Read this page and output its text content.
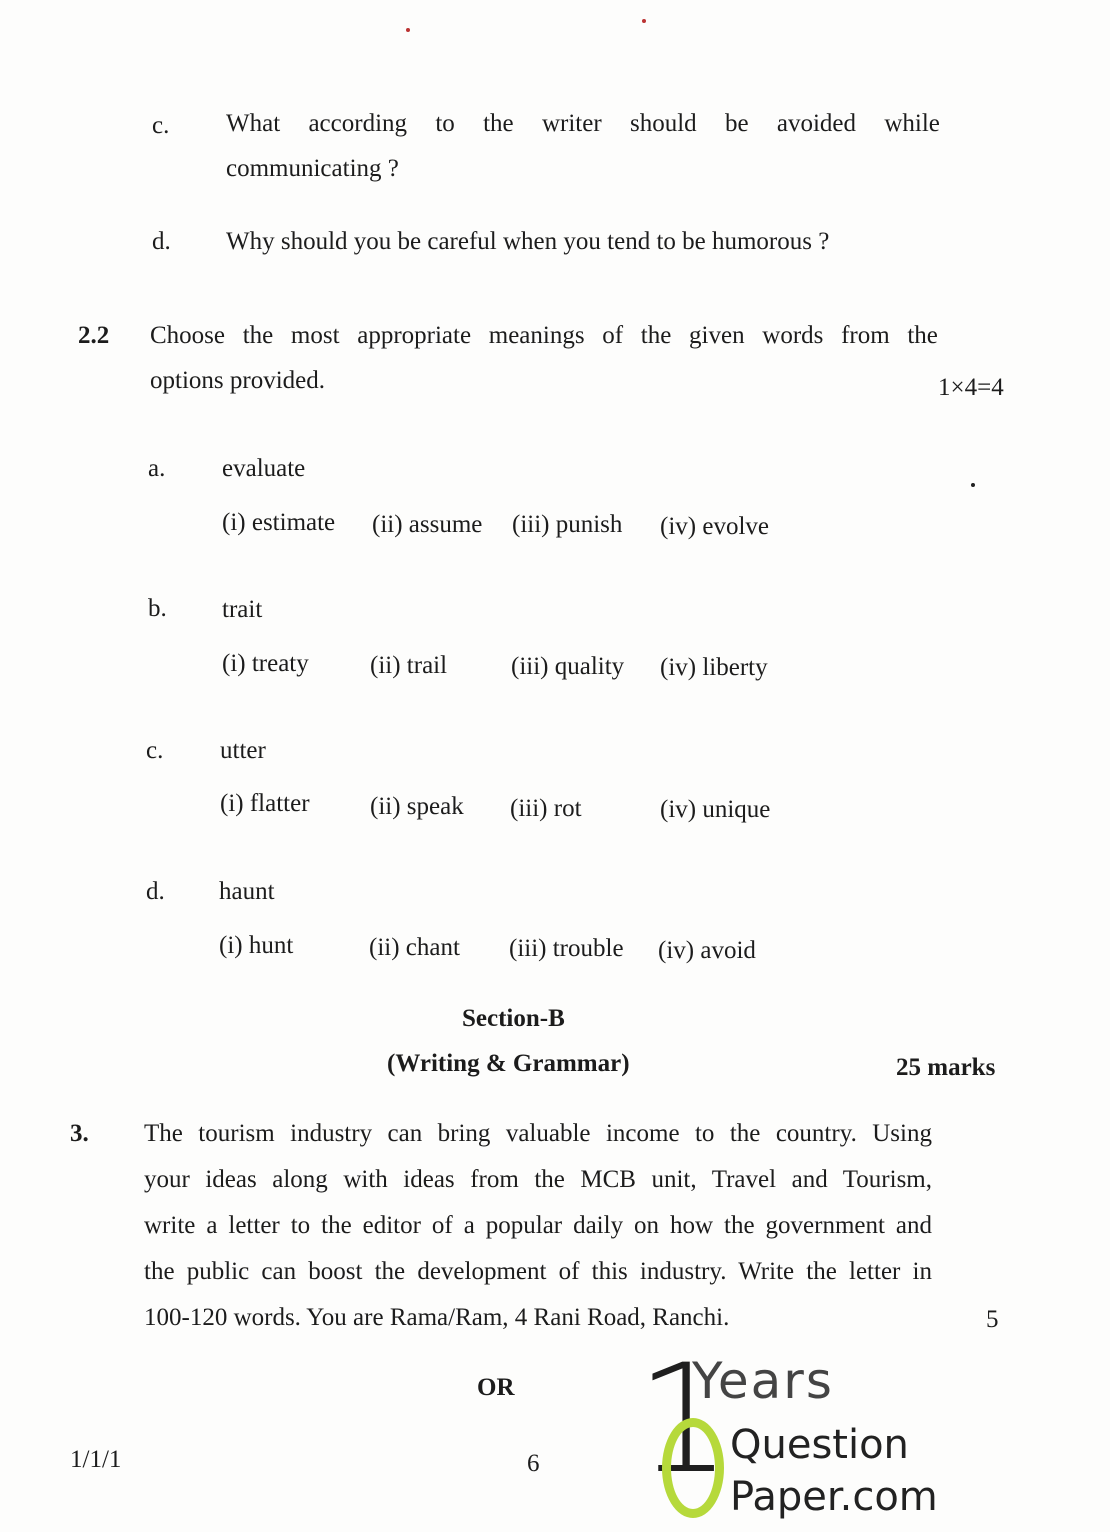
c. What according to the writer should be avoided while
communicating ?
d. Why should you be careful when you tend to be humorous ?
2.2 Choose the most appropriate meanings of the given words from the
options provided.	1×4=4
a. evaluate
(i) estimate (ii) assume (iii) punish (iv) evolve
b. trait
(i) treaty (ii) trail	(iii) quality (iv) liberty
c. utter
(i) flatter (ii) speak (iii) rot	(iv) unique
d. haunt
(i) hunt	(ii) chant (iii) trouble (iv) avoid
Section-B
(Writing & Grammar)	25 marks
3. The tourism industry can bring valuable income to the country. Using
your ideas along with ideas from the MCB unit, Travel and Tourism,
write a letter to the editor of a popular daily on how the government and
the public can boost the development of this industry. Write the letter in
100-120 words. You are Rama/Ram, 4 Rani Road, Ranchi.	5
OR
1/1/1	6 1
Years
Question
Paper.com
